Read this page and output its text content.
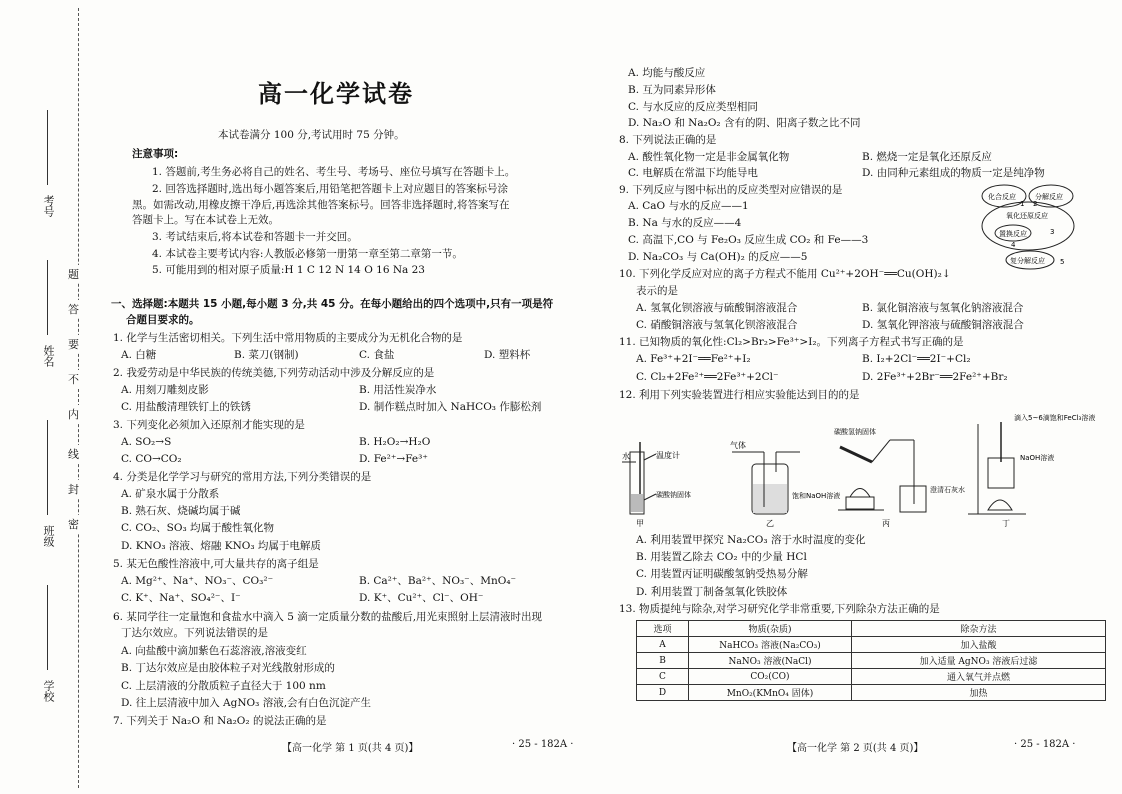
考号
姓名
班级
学校
题
答
要
不
内
线
封
密
高一化学试卷
本试卷满分 100 分,考试用时 75 分钟。
注意事项:
1. 答题前,考生务必将自己的姓名、考生号、考场号、座位号填写在答题卡上。
2. 回答选择题时,选出每小题答案后,用铅笔把答题卡上对应题目的答案标号涂
黑。如需改动,用橡皮擦干净后,再选涂其他答案标号。回答非选择题时,将答案写在
答题卡上。写在本试卷上无效。
3. 考试结束后,将本试卷和答题卡一并交回。
4. 本试卷主要考试内容:人教版必修第一册第一章至第二章第一节。
5. 可能用到的相对原子质量:H 1 C 12 N 14 O 16 Na 23
一、选择题:本题共 15 小题,每小题 3 分,共 45 分。在每小题给出的四个选项中,只有一项是符
合题目要求的。
1. 化学与生活密切相关。下列生活中常用物质的主要成分为无机化合物的是
A. 白糖	B. 菜刀(钢制)	C. 食盐	D. 塑料杯
2. 我爱劳动是中华民族的传统美德,下列劳动活动中涉及分解反应的是
A. 用刻刀雕刻皮影	B. 用活性炭净水
C. 用盐酸清理铁钉上的铁锈	D. 制作糕点时加入 NaHCO₃ 作膨松剂
3. 下列变化必须加入还原剂才能实现的是
A. SO₂→S	B. H₂O₂→H₂O
C. CO→CO₂	D. Fe²⁺→Fe³⁺
4. 分类是化学学习与研究的常用方法,下列分类错误的是
A. 矿泉水属于分散系
B. 熟石灰、烧碱均属于碱
C. CO₂、SO₃ 均属于酸性氧化物
D. KNO₃ 溶液、熔融 KNO₃ 均属于电解质
5. 某无色酸性溶液中,可大量共存的离子组是
A. Mg²⁺、Na⁺、NO₃⁻、CO₃²⁻	B. Ca²⁺、Ba²⁺、NO₃⁻、MnO₄⁻
C. K⁺、Na⁺、SO₄²⁻、I⁻	D. K⁺、Cu²⁺、Cl⁻、OH⁻
6. 某同学往一定量饱和食盐水中滴入 5 滴一定质量分数的盐酸后,用光束照射上层清液时出现
丁达尔效应。下列说法错误的是
A. 向盐酸中滴加紫色石蕊溶液,溶液变红
B. 丁达尔效应是由胶体粒子对光线散射形成的
C. 上层清液的分散质粒子直径大于 100 nm
D. 往上层清液中加入 AgNO₃ 溶液,会有白色沉淀产生
7. 下列关于 Na₂O 和 Na₂O₂ 的说法正确的是
【高一化学 第 1 页(共 4 页)】	· 25 - 182A ·
A. 均能与酸反应
B. 互为同素异形体
C. 与水反应的反应类型相同
D. Na₂O 和 Na₂O₂ 含有的阴、阳离子数之比不同
8. 下列说法正确的是
A. 酸性氧化物一定是非金属氧化物	B. 燃烧一定是氧化还原反应
C. 电解质在常温下均能导电	D. 由同种元素组成的物质一定是纯净物
9. 下列反应与图中标出的反应类型对应错误的是
A. CaO 与水的反应——1
B. Na 与水的反应——4
C. 高温下,CO 与 Fe₂O₃ 反应生成 CO₂ 和 Fe——3
D. Na₂CO₃ 与 Ca(OH)₂ 的反应——5
化合反应	分解反应
氧化还原反应
置换反应
复分解反应
1 2
3
4
5
10. 下列化学反应对应的离子方程式不能用 Cu²⁺+2OH⁻══Cu(OH)₂↓
表示的是
A. 氢氧化钡溶液与硫酸铜溶液混合	B. 氯化铜溶液与氢氧化钠溶液混合
C. 硝酸铜溶液与氢氧化钡溶液混合	D. 氢氧化钾溶液与硫酸铜溶液混合
11. 已知物质的氧化性:Cl₂>Br₂>Fe³⁺>I₂。下列离子方程式书写正确的是
A. Fe³⁺+2I⁻══Fe²⁺+I₂	B. I₂+2Cl⁻══2I⁻+Cl₂
C. Cl₂+2Fe²⁺══2Fe³⁺+2Cl⁻	D. 2Fe³⁺+2Br⁻══2Fe²⁺+Br₂
12. 利用下列实验装置进行相应实验能达到目的的是
水	温度计
碳酸钠固体
甲
气体
饱和NaOH溶液
乙
碳酸氢钠固体
澄清石灰水
丙
滴入5~6滴饱和FeCl₃溶液
NaOH溶液
丁
A. 利用装置甲探究 Na₂CO₃ 溶于水时温度的变化
B. 用装置乙除去 CO₂ 中的少量 HCl
C. 用装置丙证明碳酸氢钠受热易分解
D. 利用装置丁制备氢氧化铁胶体
13. 物质提纯与除杂,对学习研究化学非常重要,下列除杂方法正确的是
选项	物质(杂质)	除杂方法
A	NaHCO₃ 溶液(Na₂CO₃)	加入盐酸
B	NaNO₃ 溶液(NaCl)	加入适量 AgNO₃ 溶液后过滤
C	CO₂(CO)	通入氧气并点燃
D	MnO₂(KMnO₄ 固体)	加热
【高一化学 第 2 页(共 4 页)】	· 25 - 182A ·
